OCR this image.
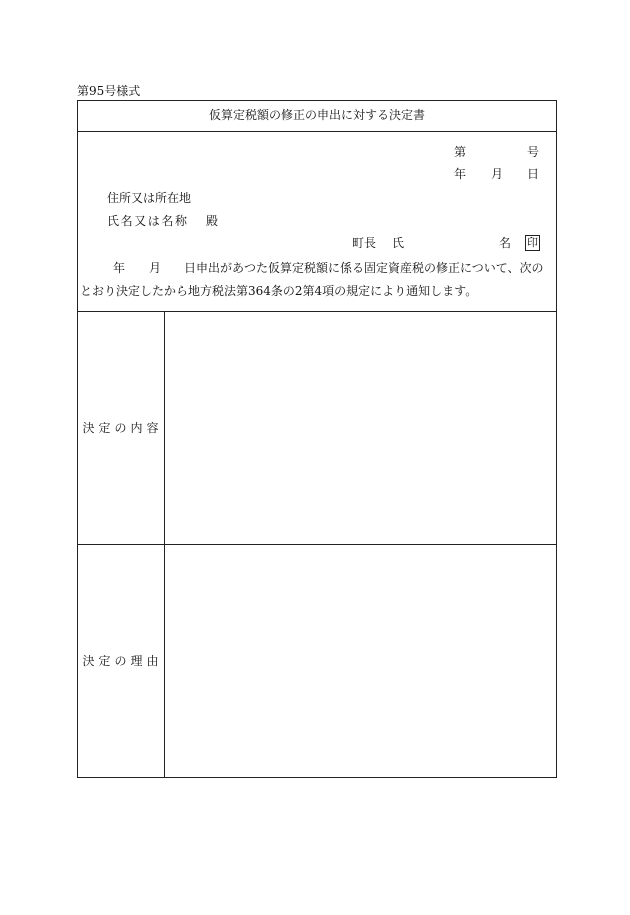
第95号様式
仮算定税額の修正の申出に対する決定書
第	号
年 月 日
住所又は所在地
氏名又は名称 殿
町長 氏	名 印
年 月 日申出があつた仮算定税額に係る固定資産税の修正について、次の
とおり決定したから地方税法第364条の2第4項の規定により通知します。
決定の内容
決定の理由
